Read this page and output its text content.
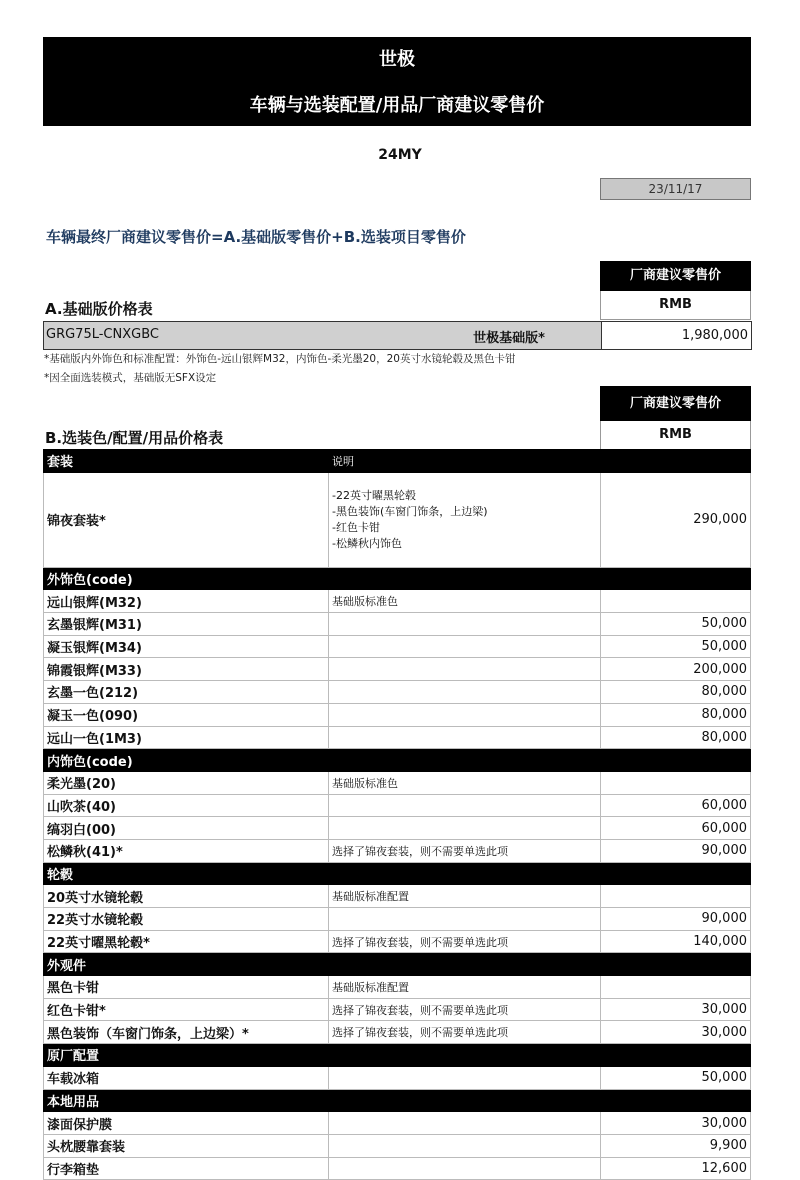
世极
车辆与选装配置/用品厂商建议零售价
24MY
23/11/17
车辆最终厂商建议零售价=A.基础版零售价+B.选装项目零售价
厂商建议零售价
RMB
A.基础版价格表
GRG75L-CNXGBC	世极基础版*	1,980,000
*基础版内外饰色和标准配置：外饰色-远山银辉M32，内饰色-柔光墨20，20英寸水镜轮毂及黑色卡钳
*因全面选装模式，基础版无SFX设定
厂商建议零售价
RMB
B.选装色/配置/用品价格表
套装	说明	
锦夜套装*	-22英寸曜黑轮毂
-黑色装饰(车窗门饰条，上边梁)
-红色卡钳
-松鳞秋内饰色	290,000
外饰色(code)		
远山银辉(M32)	基础版标准色	
玄墨银辉(M31)		50,000
凝玉银辉(M34)		50,000
锦霞银辉(M33)		200,000
玄墨一色(212)		80,000
凝玉一色(090)		80,000
远山一色(1M3)		80,000
内饰色(code)		
柔光墨(20)	基础版标准色	
山吹茶(40)		60,000
缟羽白(00)		60,000
松鳞秋(41)*	选择了锦夜套装，则不需要单选此项	90,000
轮毂		
20英寸水镜轮毂	基础版标准配置	
22英寸水镜轮毂		90,000
22英寸曜黑轮毂*	选择了锦夜套装，则不需要单选此项	140,000
外观件		
黑色卡钳	基础版标准配置	
红色卡钳*	选择了锦夜套装，则不需要单选此项	30,000
黑色装饰（车窗门饰条，上边梁）*	选择了锦夜套装，则不需要单选此项	30,000
原厂配置		
车载冰箱		50,000
本地用品		
漆面保护膜		30,000
头枕腰靠套装		9,900
行李箱垫		12,600
